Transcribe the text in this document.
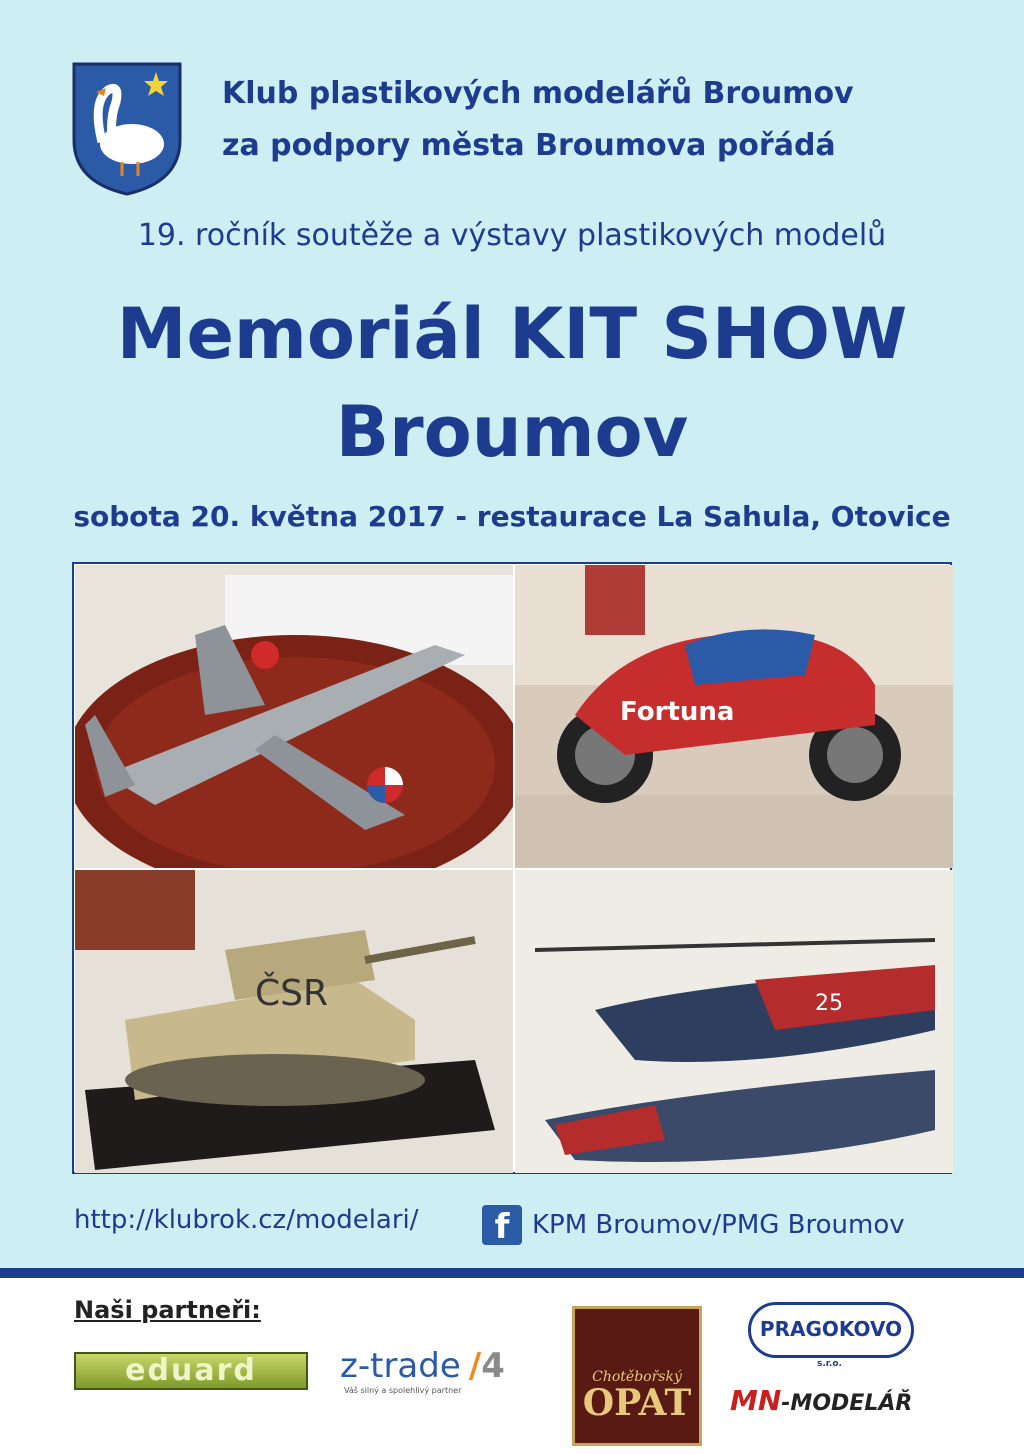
Klub plastikových modelářů Broumov
za podpory města Broumova pořádá
19. ročník soutěže a výstavy plastikových modelů
Memoriál KIT SHOW
Broumov
sobota 20. května 2017 - restaurace La Sahula, Otovice
Fortuna
ČSR	25
http://klubrok.cz/modelari/	f KPM Broumov/PMG Broumov
Naši partneři:
eduard	z-trade /4
Váš silný a spolehlivý partner
Chotěbořský
OPAT
PRAGOKOVO
s.r.o.
MN-MODELÁŘ
